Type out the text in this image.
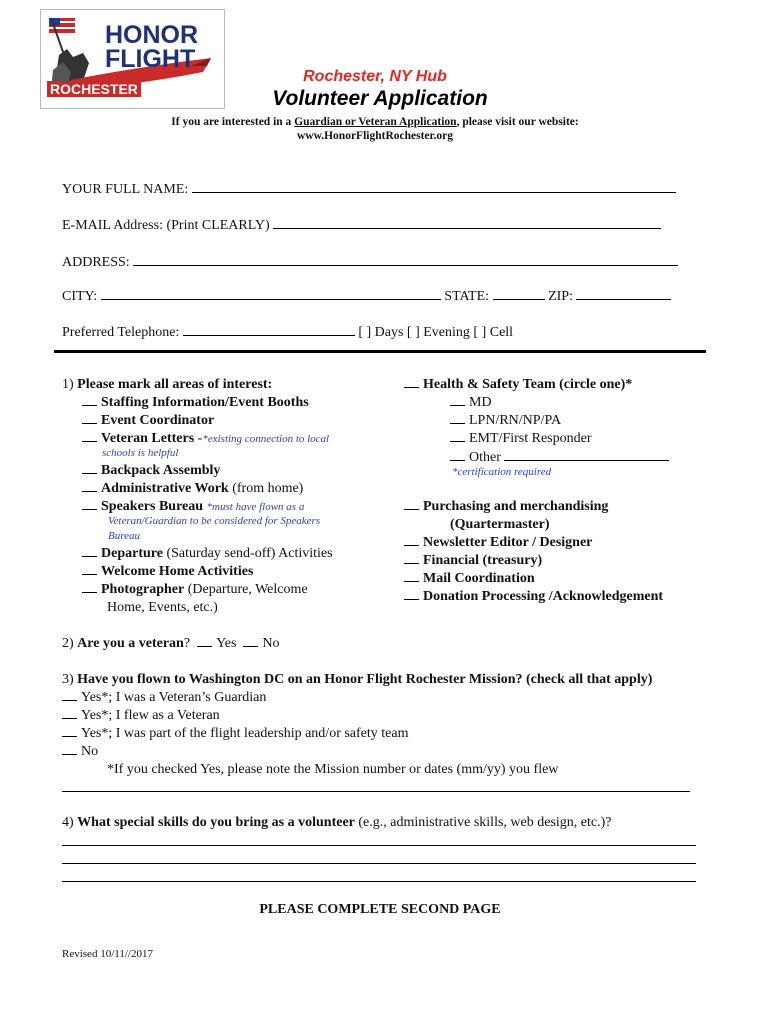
HONOR
FLIGHT
ROCHESTER
Rochester, NY Hub
Volunteer Application
If you are interested in a Guardian or Veteran Application, please visit our website:
www.HonorFlightRochester.org
YOUR FULL NAME:
E-MAIL Address: (Print CLEARLY)
ADDRESS:
CITY:	STATE:	ZIP:
Preferred Telephone:	[ ] Days [ ] Evening [ ] Cell
1) Please mark all areas of interest:
Staffing Information/Event Booths
Event Coordinator
Veteran Letters -*existing connection to local
schools is helpful
Backpack Assembly
Administrative Work (from home)
Speakers Bureau *must have flown as a
Veteran/Guardian to be considered for Speakers
Bureau
Departure (Saturday send-off) Activities
Welcome Home Activities
Photographer (Departure, Welcome
Home, Events, etc.)
Health & Safety Team (circle one)*
MD
LPN/RN/NP/PA
EMT/First Responder
Other
*certification required
Purchasing and merchandising
(Quartermaster)
Newsletter Editor / Designer
Financial (treasury)
Mail Coordination
Donation Processing /Acknowledgement
2) Are you a veteran? Yes No
3) Have you flown to Washington DC on an Honor Flight Rochester Mission? (check all that apply)
Yes*; I was a Veteran’s Guardian
Yes*; I flew as a Veteran
Yes*; I was part of the flight leadership and/or safety team
No
*If you checked Yes, please note the Mission number or dates (mm/yy) you flew
4) What special skills do you bring as a volunteer (e.g., administrative skills, web design, etc.)?
PLEASE COMPLETE SECOND PAGE
Revised 10/11//2017
